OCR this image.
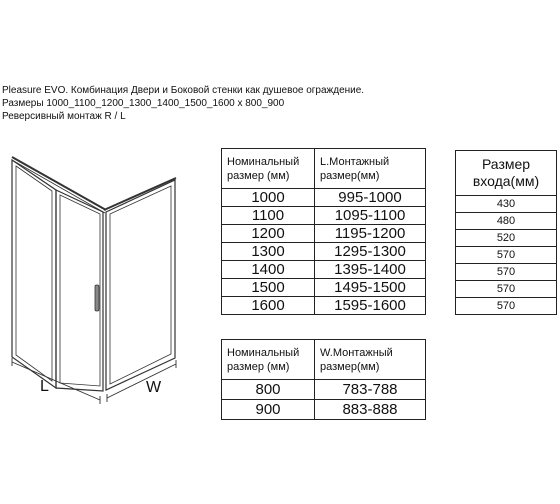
Pleasure EVO. Комбинация Двери и Боковой стенки как душевое ограждение.
Размеры 1000_1100_1200_1300_1400_1500_1600 х 800_900
Реверсивный монтаж R / L
L	W
Номинальный размер (мм)	L.Монтажный размер(мм)
1000	995-1000
1100	1095-1100
1200	1195-1200
1300	1295-1300
1400	1395-1400
1500	1495-1500
1600	1595-1600
Номинальный размер (мм)	W.Монтажный размер(мм)
800	783-788
900	883-888
Размер входа(мм)
430
480
520
570
570
570
570
